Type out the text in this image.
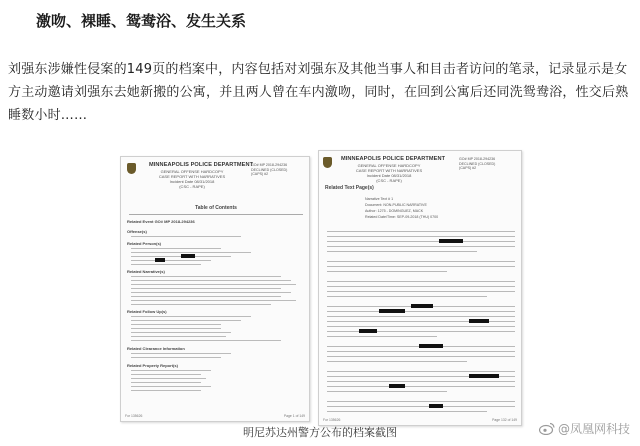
激吻、裸睡、鸳鸯浴、发生关系
刘强东涉嫌性侵案的149页的档案中，内容包括对刘强东及其他当事人和目击者访问的笔录，记录显示是女方主动邀请刘强东去她新搬的公寓，并且两人曾在车内激吻，同时，在回到公寓后还同洗鸳鸯浴，性交后熟睡数小时……
MINNEAPOLIS POLICE DEPARTMENT
GENERAL OFFENSE HARDCOPY
CASE REPORT WITH NARRATIVES
Incident Date 08/31/2018
(CSC - RAPE)
GO# MP 2018-294236
DECLINED (CLOSED)
(CAPS) #2
Table of Contents
Related Event GO# MP 2018-294236
Offense(s)
Related Person(s)
Related Narrative(s)
Related Follow Up(s)
Related Clearance Information
Related Property Report(s)
For 135626	Page 1 of 149
MINNEAPOLIS POLICE DEPARTMENT
GENERAL OFFENSE HARDCOPY
CASE REPORT WITH NARRATIVES
Incident Date 08/31/2018
(CSC - RAPE)
GO# MP 2018-294236
DECLINED (CLOSED)
(CAPS) #2
Related Text Page(s)
Narrative Text # 1
Document: NON-PUBLIC NARRATIVE
Author: 1275 - DOMINGUEZ, MACK
Related Date/Time: SEP-09-2018 (THU) 0700
For 135626	Page 132 of 149
明尼苏达州警方公布的档案截图	@凤凰网科技
